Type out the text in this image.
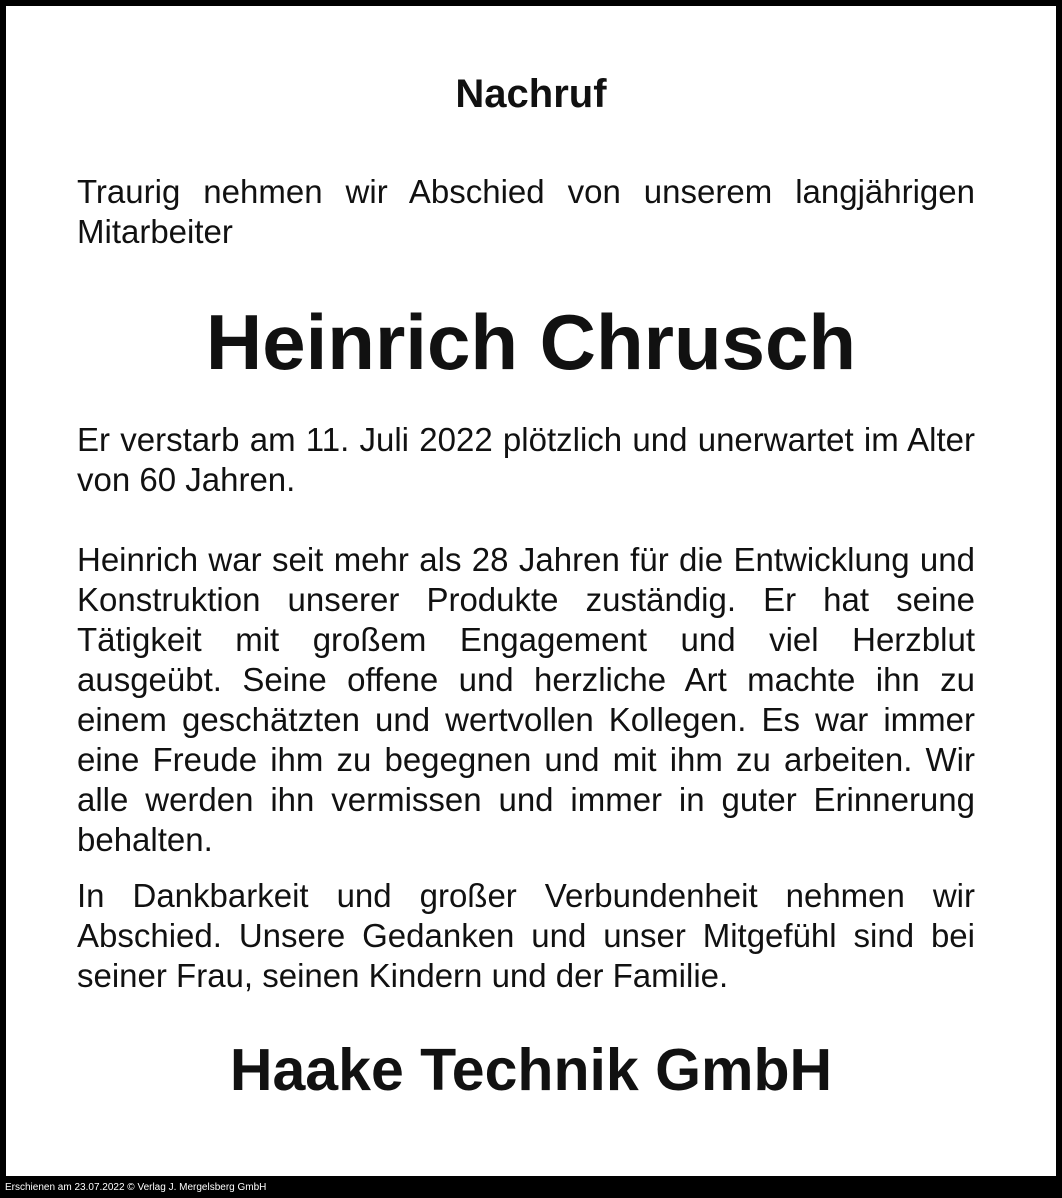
Nachruf
Traurig nehmen wir Abschied von unserem langjährigen Mitarbeiter
Heinrich Chrusch
Er verstarb am 11. Juli 2022 plötzlich und unerwartet im Alter von 60 Jahren.
Heinrich war seit mehr als 28 Jahren für die Entwicklung und Konstruktion unserer Produkte zuständig. Er hat seine Tätigkeit mit großem Engagement und viel Herzblut ausgeübt. Seine offene und herzliche Art machte ihn zu einem geschätzten und wertvollen Kollegen. Es war immer eine Freude ihm zu begegnen und mit ihm zu arbeiten. Wir alle werden ihn vermissen und immer in guter Erinnerung behalten.
In Dankbarkeit und großer Verbundenheit nehmen wir Abschied. Unsere Gedanken und unser Mitgefühl sind bei seiner Frau, seinen Kindern und der Familie.
Haake Technik GmbH
Erschienen am 23.07.2022 © Verlag J. Mergelsberg GmbH
